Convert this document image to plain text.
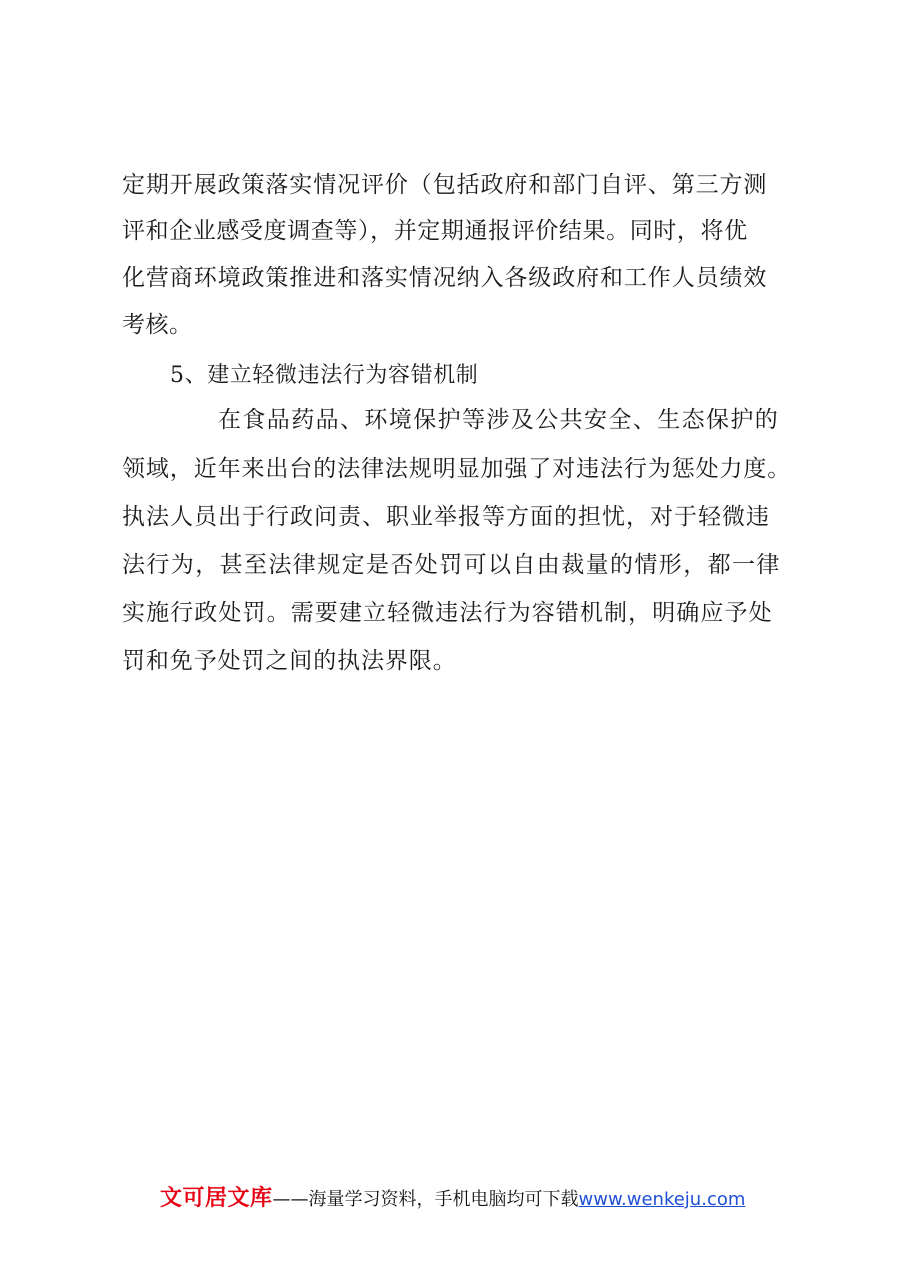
定期开展政策落实情况评价（包括政府和部门自评、第三方测
评和企业感受度调查等），并定期通报评价结果。同时，将优
化营商环境政策推进和落实情况纳入各级政府和工作人员绩效
考核。
5、建立轻微违法行为容错机制
在食品药品、环境保护等涉及公共安全、生态保护的
领域，近年来出台的法律法规明显加强了对违法行为惩处力度。
执法人员出于行政问责、职业举报等方面的担忧，对于轻微违
法行为，甚至法律规定是否处罚可以自由裁量的情形，都一律
实施行政处罚。需要建立轻微违法行为容错机制，明确应予处
罚和免予处罚之间的执法界限。
文可居文库——海量学习资料，手机电脑均可下载www.wenkeju.com
